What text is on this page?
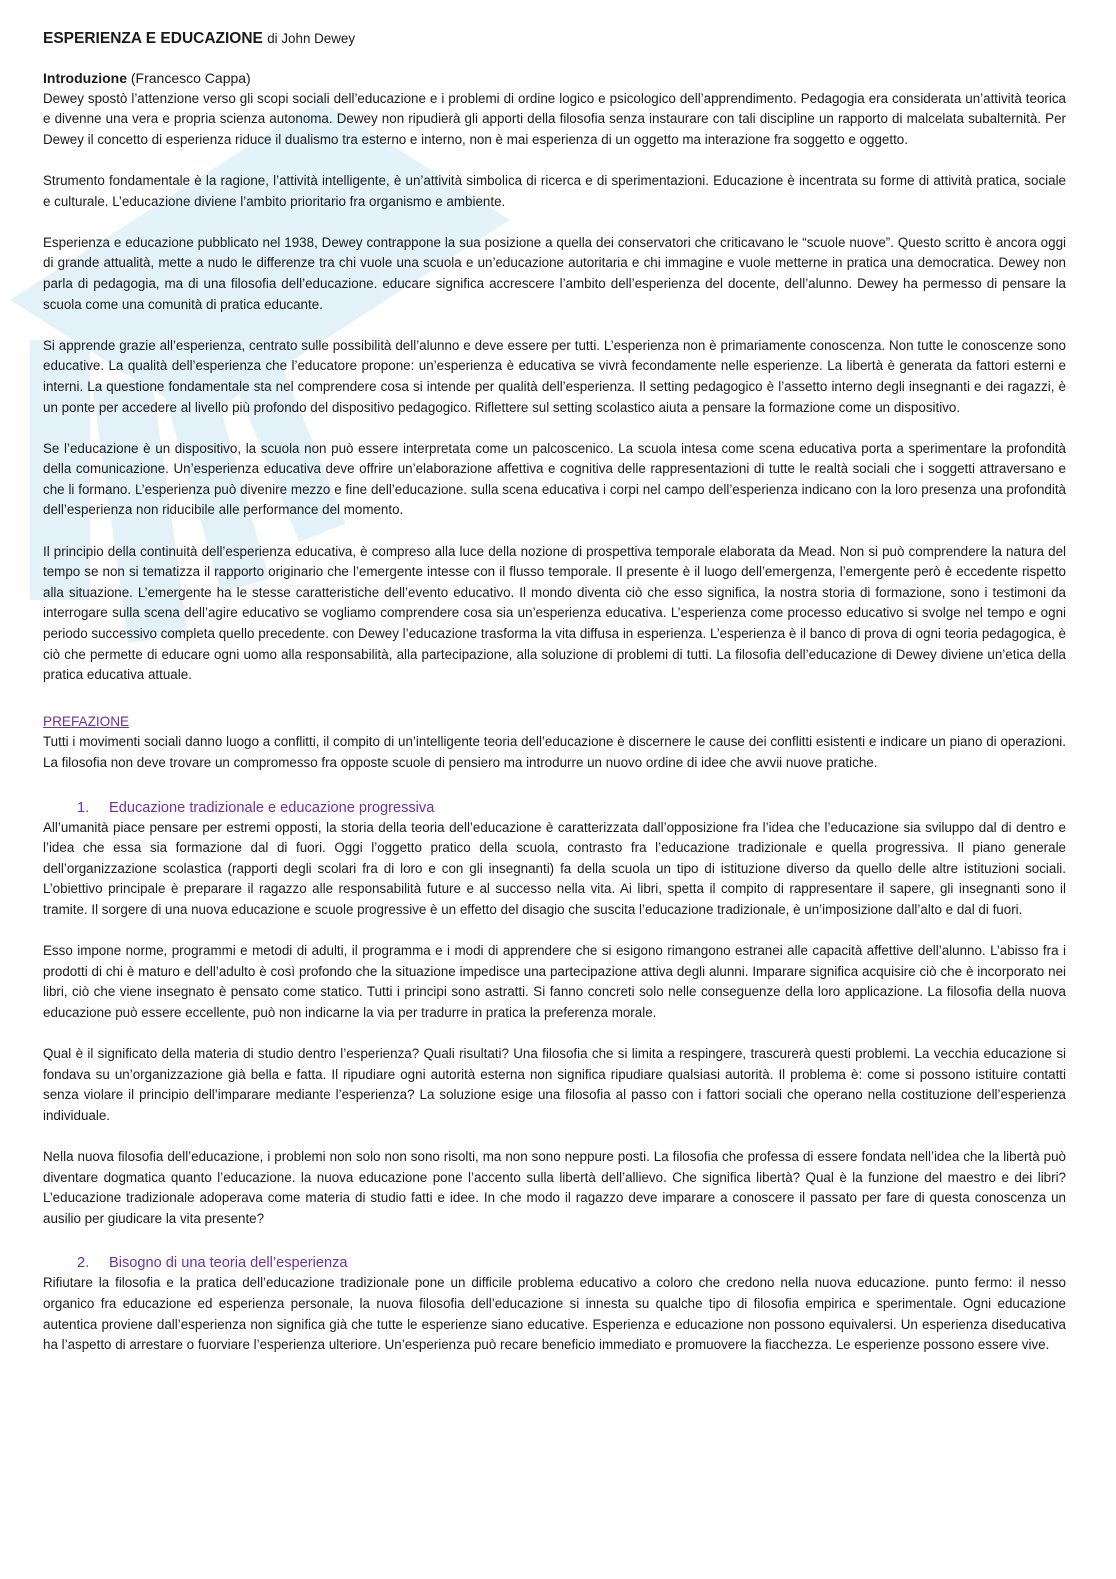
ESPERIENZA E EDUCAZIONE di John Dewey
Introduzione (Francesco Cappa)

Dewey spostò l’attenzione verso gli scopi sociali dell’educazione e i problemi di ordine logico e psicologico dell’apprendimento. Pedagogia era considerata un’attività teorica e divenne una vera e propria scienza autonoma. Dewey non ripudierà gli apporti della filosofia senza instaurare con tali discipline un rapporto di malcelata subalternità. Per Dewey il concetto di esperienza riduce il dualismo tra esterno e interno, non è mai esperienza di un oggetto ma interazione fra soggetto e oggetto.

Strumento fondamentale è la ragione, l’attività intelligente, è un’attività simbolica di ricerca e di sperimentazioni. Educazione è incentrata su forme di attività pratica, sociale e culturale. L’educazione diviene l’ambito prioritario fra organismo e ambiente.

Esperienza e educazione pubblicato nel 1938, Dewey contrappone la sua posizione a quella dei conservatori che criticavano le “scuole nuove”. Questo scritto è ancora oggi di grande attualità, mette a nudo le differenze tra chi vuole una scuola e un’educazione autoritaria e chi immagine e vuole metterne in pratica una democratica. Dewey non parla di pedagogia, ma di una filosofia dell’educazione. educare significa accrescere l’ambito dell’esperienza del docente, dell’alunno. Dewey ha permesso di pensare la scuola come una comunità di pratica educante.

Si apprende grazie all’esperienza, centrato sulle possibilità dell’alunno e deve essere per tutti. L’esperienza non è primariamente conoscenza. Non tutte le conoscenze sono educative. La qualità dell’esperienza che l’educatore propone: un’esperienza è educativa se vivrà fecondamente nelle esperienze. La libertà è generata da fattori esterni e interni. La questione fondamentale sta nel comprendere cosa si intende per qualità dell’esperienza. Il setting pedagogico è l’assetto interno degli insegnanti e dei ragazzi, è un ponte per accedere al livello più profondo del dispositivo pedagogico. Riflettere sul setting scolastico aiuta a pensare la formazione come un dispositivo.

Se l’educazione è un dispositivo, la scuola non può essere interpretata come un palcoscenico. La scuola intesa come scena educativa porta a sperimentare la profondità della comunicazione. Un’esperienza educativa deve offrire un’elaborazione affettiva e cognitiva delle rappresentazioni di tutte le realtà sociali che i soggetti attraversano e che li formano. L’esperienza può divenire mezzo e fine dell’educazione. sulla scena educativa i corpi nel campo dell’esperienza indicano con la loro presenza una profondità dell’esperienza non riducibile alle performance del momento.

Il principio della continuità dell’esperienza educativa, è compreso alla luce della nozione di prospettiva temporale elaborata da Mead. Non si può comprendere la natura del tempo se non si tematizza il rapporto originario che l’emergente intesse con il flusso temporale. Il presente è il luogo dell’emergenza, l’emergente però è eccedente rispetto alla situazione. L’emergente ha le stesse caratteristiche dell’evento educativo. Il mondo diventa ciò che esso significa, la nostra storia di formazione, sono i testimoni da interrogare sulla scena dell’agire educativo se vogliamo comprendere cosa sia un’esperienza educativa. L’esperienza come processo educativo si svolge nel tempo e ogni periodo successivo completa quello precedente. con Dewey l’educazione trasforma la vita diffusa in esperienza. L’esperienza è il banco di prova di ogni teoria pedagogica, è ciò che permette di educare ogni uomo alla responsabilità, alla partecipazione, alla soluzione di problemi di tutti. La filosofia dell’educazione di Dewey diviene un’etica della pratica educativa attuale.

PREFAZIONE

Tutti i movimenti sociali danno luogo a conflitti, il compito di un’intelligente teoria dell’educazione è discernere le cause dei conflitti esistenti e indicare un piano di operazioni. La filosofia non deve trovare un compromesso fra opposte scuole di pensiero ma introdurre un nuovo ordine di idee che avvii nuove pratiche.

1. Educazione tradizionale e educazione progressiva

All’umanità piace pensare per estremi opposti, la storia della teoria dell’educazione è caratterizzata dall’opposizione fra l’idea che l’educazione sia sviluppo dal di dentro e l’idea che essa sia formazione dal di fuori. Oggi l’oggetto pratico della scuola, contrasto fra l’educazione tradizionale e quella progressiva. Il piano generale dell’organizzazione scolastica (rapporti degli scolari fra di loro e con gli insegnanti) fa della scuola un tipo di istituzione diverso da quello delle altre istituzioni sociali. L’obiettivo principale è preparare il ragazzo alle responsabilità future e al successo nella vita. Ai libri, spetta il compito di rappresentare il sapere, gli insegnanti sono il tramite. Il sorgere di una nuova educazione e scuole progressive è un effetto del disagio che suscita l’educazione tradizionale, è un’imposizione dall’alto e dal di fuori.

Esso impone norme, programmi e metodi di adulti, il programma e i modi di apprendere che si esigono rimangono estranei alle capacità affettive dell’alunno. L’abisso fra i prodotti di chi è maturo e dell’adulto è così profondo che la situazione impedisce una partecipazione attiva degli alunni. Imparare significa acquisire ciò che è incorporato nei libri, ciò che viene insegnato è pensato come statico. Tutti i principi sono astratti. Si fanno concreti solo nelle conseguenze della loro applicazione. La filosofia della nuova educazione può essere eccellente, può non indicarne la via per tradurre in pratica la preferenza morale.

Qual è il significato della materia di studio dentro l’esperienza? Quali risultati? Una filosofia che si limita a respingere, trascurerà questi problemi. La vecchia educazione si fondava su un’organizzazione già bella e fatta. Il ripudiare ogni autorità esterna non significa ripudiare qualsiasi autorità. Il problema è: come si possono istituire contatti senza violare il principio dell’imparare mediante l’esperienza? La soluzione esige una filosofia al passo con i fattori sociali che operano nella costituzione dell’esperienza individuale.

Nella nuova filosofia dell’educazione, i problemi non solo non sono risolti, ma non sono neppure posti. La filosofia che professa di essere fondata nell’idea che la libertà può diventare dogmatica quanto l’educazione. la nuova educazione pone l’accento sulla libertà dell’allievo. Che significa libertà? Qual è la funzione del maestro e dei libri? L’educazione tradizionale adoperava come materia di studio fatti e idee. In che modo il ragazzo deve imparare a conoscere il passato per fare di questa conoscenza un ausilio per giudicare la vita presente?

2. Bisogno di una teoria dell’esperienza

Rifiutare la filosofia e la pratica dell’educazione tradizionale pone un difficile problema educativo a coloro che credono nella nuova educazione. punto fermo: il nesso organico fra educazione ed esperienza personale, la nuova filosofia dell’educazione si innesta su qualche tipo di filosofia empirica e sperimentale. Ogni educazione autentica proviene dall’esperienza non significa già che tutte le esperienze siano educative. Esperienza e educazione non possono equivalersi. Un esperienza diseducativa ha l’aspetto di arrestare o fuorviare l’esperienza ulteriore. Un’esperienza può recare beneficio immediato e promuovere la fiacchezza. Le esperienze possono essere vive.
